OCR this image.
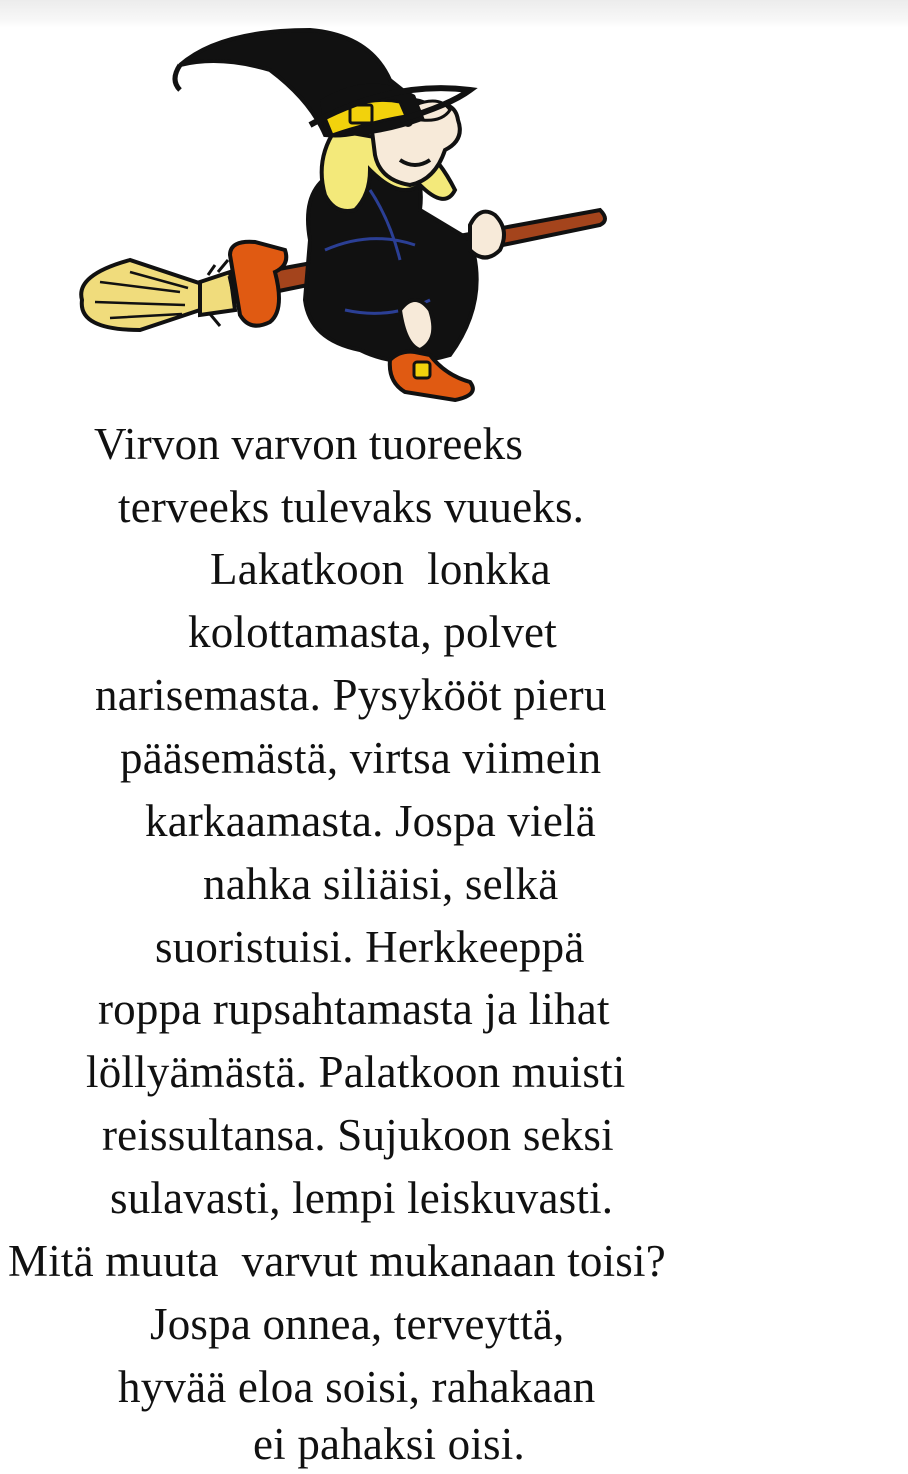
Virvon varvon tuoreeks
terveeks tulevaks vuueks.
Lakatkoon  lonkka
kolottamasta, polvet
narisemasta. Pysykööt pieru
pääsemästä, virtsa viimein
karkaamasta. Jospa vielä
nahka siliäisi, selkä
suoristuisi. Herkkeeppä
roppa rupsahtamasta ja lihat
löllyämästä. Palatkoon muisti
reissultansa. Sujukoon seksi
sulavasti, lempi leiskuvasti.
Mitä muuta  varvut mukanaan toisi?
Jospa onnea, terveyttä,
hyvää eloa soisi, rahakaan
ei pahaksi oisi.
